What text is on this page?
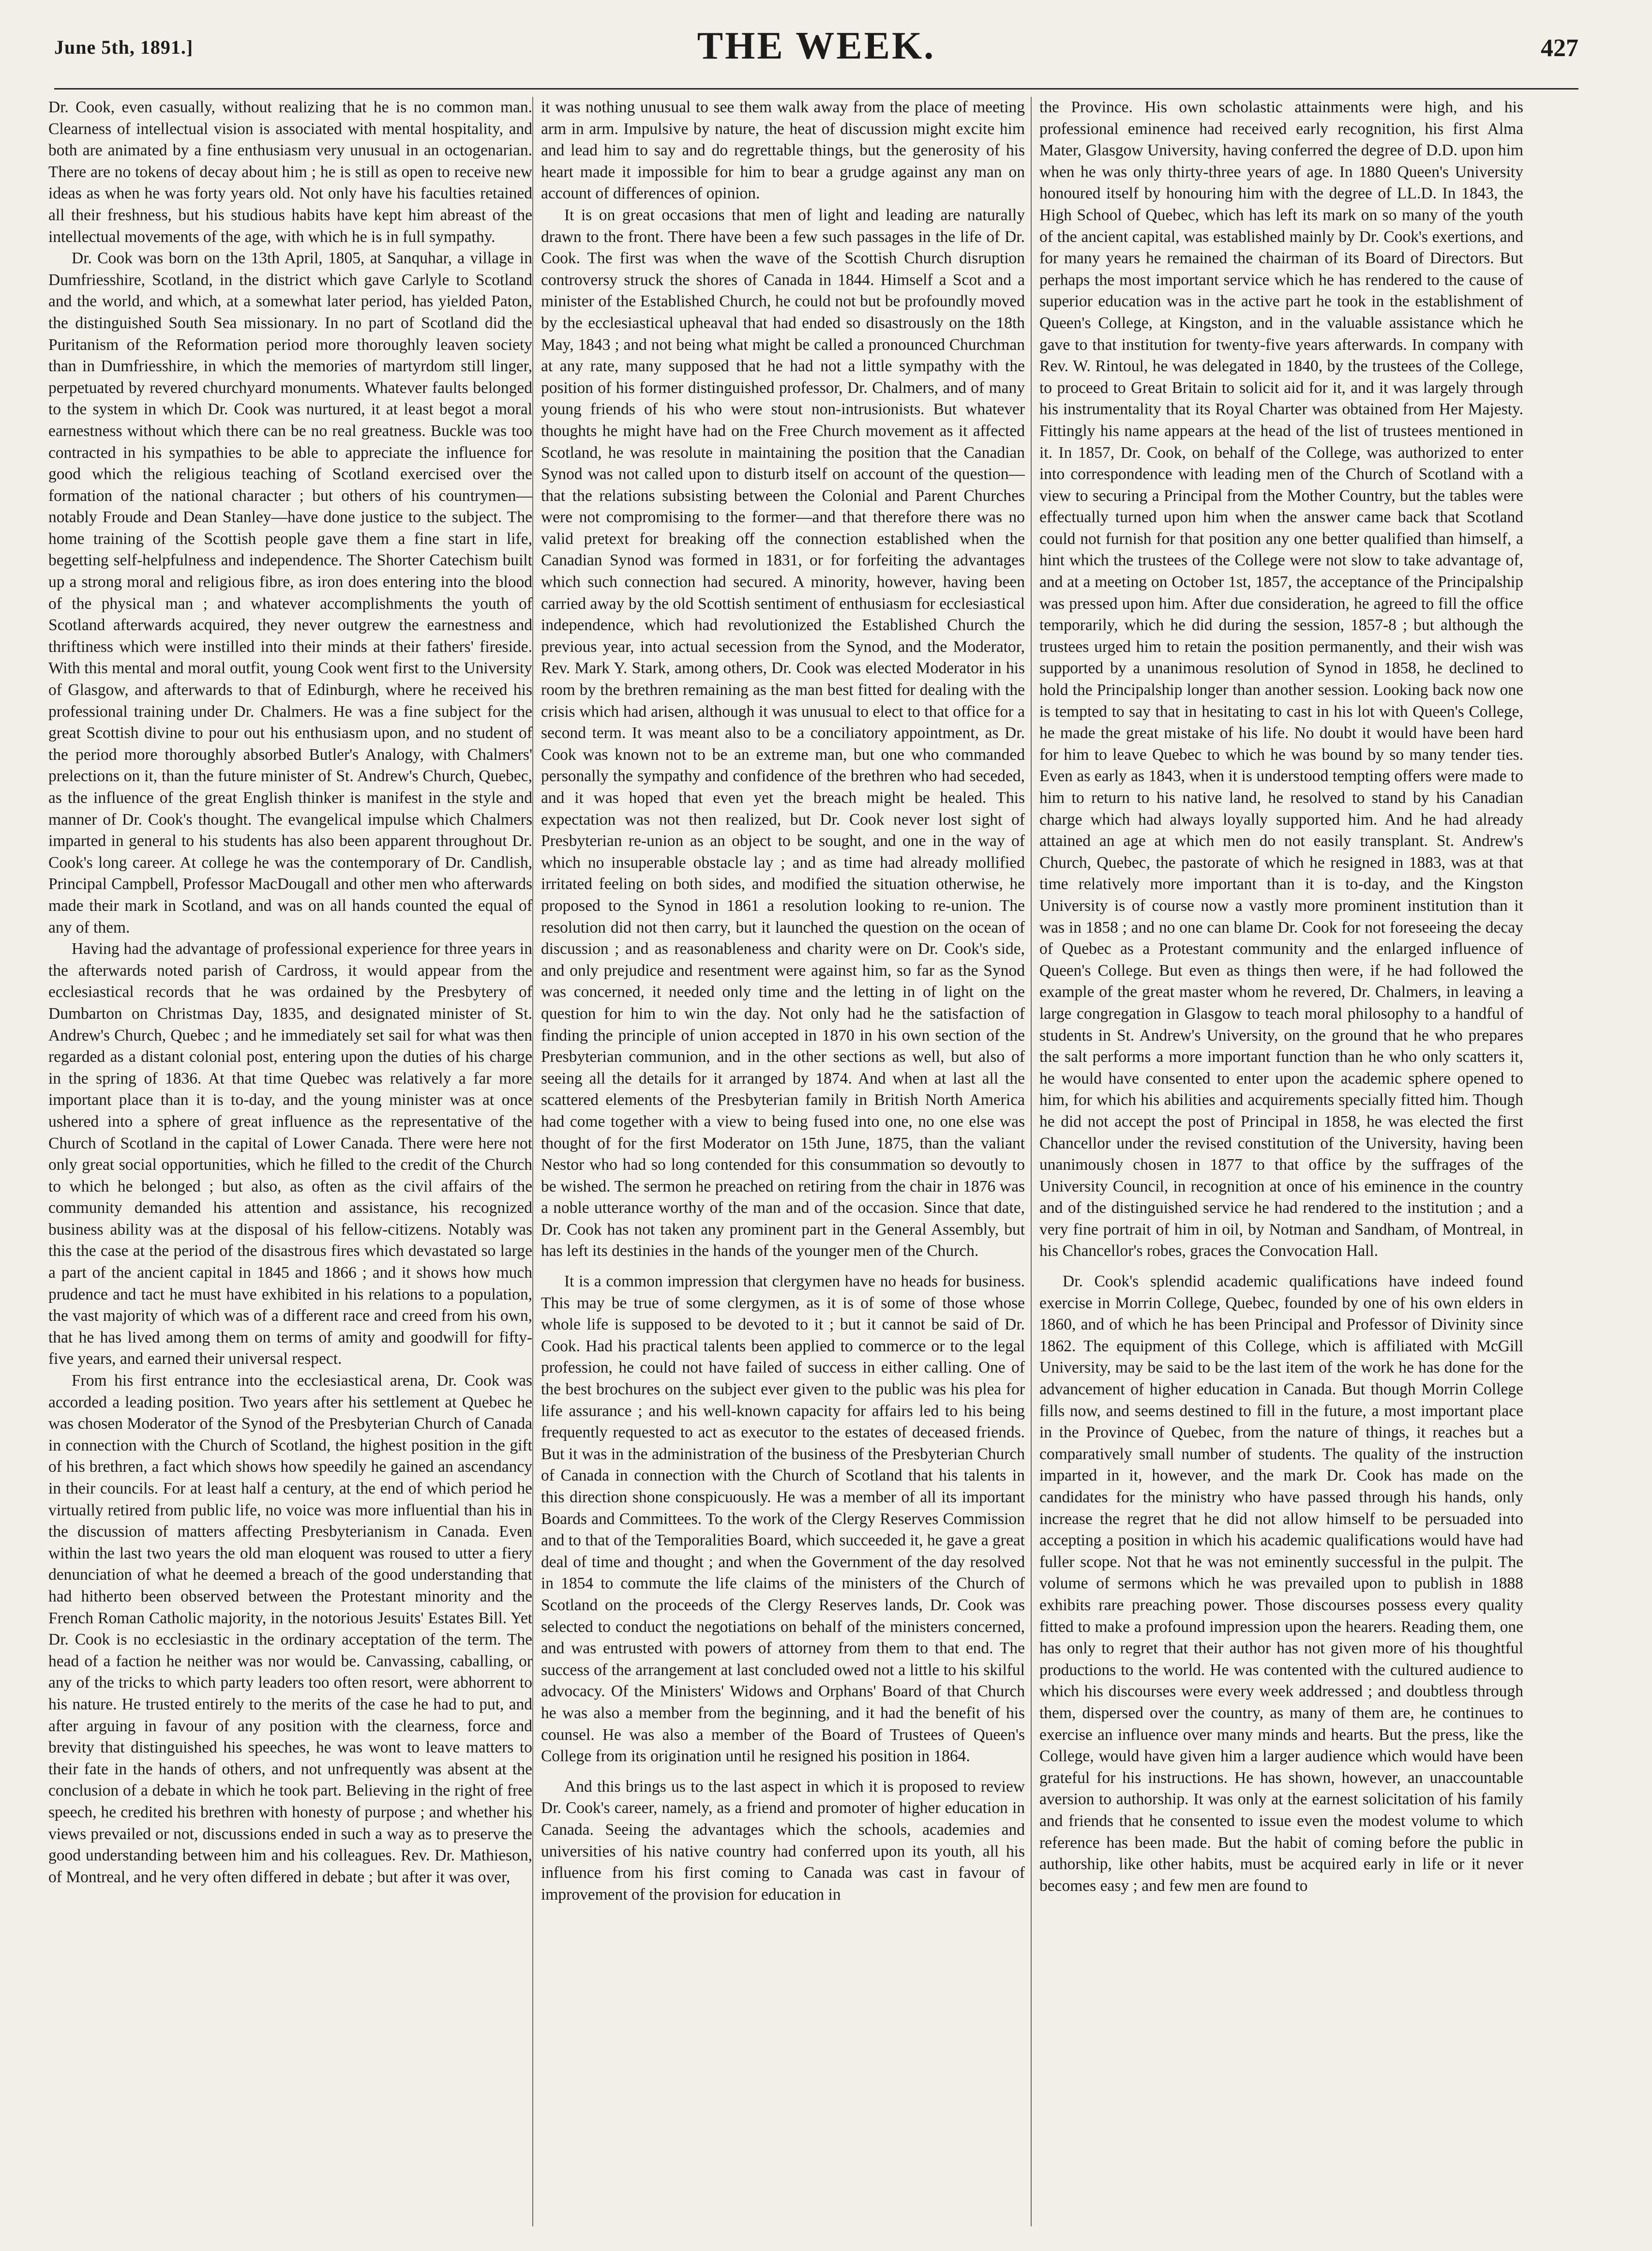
June 5th, 1891.]	THE WEEK.	427

Dr. Cook, even casually, without realizing that he is no common man. Clearness of intellectual vision is associated with mental hospitality, and both are animated by a fine enthusiasm very unusual in an octogenarian. There are no tokens of decay about him ; he is still as open to receive new ideas as when he was forty years old. Not only have his faculties retained all their freshness, but his studious habits have kept him abreast of the intellectual movements of the age, with which he is in full sympathy.

Dr. Cook was born on the 13th April, 1805, at Sanquhar, a village in Dumfriesshire, Scotland, in the district which gave Carlyle to Scotland and the world, and which, at a somewhat later period, has yielded Paton, the distinguished South Sea missionary. In no part of Scotland did the Puritanism of the Reformation period more thoroughly leaven society than in Dumfriesshire, in which the memories of martyrdom still linger, perpetuated by revered churchyard monuments. Whatever faults belonged to the system in which Dr. Cook was nurtured, it at least begot a moral earnestness without which there can be no real greatness. Buckle was too contracted in his sympathies to be able to appreciate the influence for good which the religious teaching of Scotland exercised over the formation of the national character ; but others of his countrymen—notably Froude and Dean Stanley—have done justice to the subject. The home training of the Scottish people gave them a fine start in life, begetting self-helpfulness and independence. The Shorter Catechism built up a strong moral and religious fibre, as iron does entering into the blood of the physical man ; and whatever accomplishments the youth of Scotland afterwards acquired, they never outgrew the earnestness and thriftiness which were instilled into their minds at their fathers' fireside. With this mental and moral outfit, young Cook went first to the University of Glasgow, and afterwards to that of Edinburgh, where he received his professional training under Dr. Chalmers. He was a fine subject for the great Scottish divine to pour out his enthusiasm upon, and no student of the period more thoroughly absorbed Butler's Analogy, with Chalmers' prelections on it, than the future minister of St. Andrew's Church, Quebec, as the influence of the great English thinker is manifest in the style and manner of Dr. Cook's thought. The evangelical impulse which Chalmers imparted in general to his students has also been apparent throughout Dr. Cook's long career. At college he was the contemporary of Dr. Candlish, Principal Campbell, Professor MacDougall and other men who afterwards made their mark in Scotland, and was on all hands counted the equal of any of them.

Having had the advantage of professional experience for three years in the afterwards noted parish of Cardross, it would appear from the ecclesiastical records that he was ordained by the Presbytery of Dumbarton on Christmas Day, 1835, and designated minister of St. Andrew's Church, Quebec ; and he immediately set sail for what was then regarded as a distant colonial post, entering upon the duties of his charge in the spring of 1836. At that time Quebec was relatively a far more important place than it is to-day, and the young minister was at once ushered into a sphere of great influence as the representative of the Church of Scotland in the capital of Lower Canada. There were here not only great social opportunities, which he filled to the credit of the Church to which he belonged ; but also, as often as the civil affairs of the community demanded his attention and assistance, his recognized business ability was at the disposal of his fellow-citizens. Notably was this the case at the period of the disastrous fires which devastated so large a part of the ancient capital in 1845 and 1866 ; and it shows how much prudence and tact he must have exhibited in his relations to a population, the vast majority of which was of a different race and creed from his own, that he has lived among them on terms of amity and goodwill for fifty-five years, and earned their universal respect.

From his first entrance into the ecclesiastical arena, Dr. Cook was accorded a leading position. Two years after his settlement at Quebec he was chosen Moderator of the Synod of the Presbyterian Church of Canada in connection with the Church of Scotland, the highest position in the gift of his brethren, a fact which shows how speedily he gained an ascendancy in their councils. For at least half a century, at the end of which period he virtually retired from public life, no voice was more influential than his in the discussion of matters affecting Presbyterianism in Canada. Even within the last two years the old man eloquent was roused to utter a fiery denunciation of what he deemed a breach of the good understanding that had hitherto been observed between the Protestant minority and the French Roman Catholic majority, in the notorious Jesuits' Estates Bill. Yet Dr. Cook is no ecclesiastic in the ordinary acceptation of the term. The head of a faction he neither was nor would be. Canvassing, caballing, or any of the tricks to which party leaders too often resort, were abhorrent to his nature. He trusted entirely to the merits of the case he had to put, and after arguing in favour of any position with the clearness, force and brevity that distinguished his speeches, he was wont to leave matters to their fate in the hands of others, and not unfrequently was absent at the conclusion of a debate in which he took part. Believing in the right of free speech, he credited his brethren with honesty of purpose ; and whether his views prevailed or not, discussions ended in such a way as to preserve the good understanding between him and his colleagues. Rev. Dr. Mathieson, of Montreal, and he very often differed in debate ; but after it was over,

it was nothing unusual to see them walk away from the place of meeting arm in arm. Impulsive by nature, the heat of discussion might excite him and lead him to say and do regrettable things, but the generosity of his heart made it impossible for him to bear a grudge against any man on account of differences of opinion.

It is on great occasions that men of light and leading are naturally drawn to the front. There have been a few such passages in the life of Dr. Cook. The first was when the wave of the Scottish Church disruption controversy struck the shores of Canada in 1844. Himself a Scot and a minister of the Established Church, he could not but be profoundly moved by the ecclesiastical upheaval that had ended so disastrously on the 18th May, 1843 ; and not being what might be called a pronounced Churchman at any rate, many supposed that he had not a little sympathy with the position of his former distinguished professor, Dr. Chalmers, and of many young friends of his who were stout non-intrusionists. But whatever thoughts he might have had on the Free Church movement as it affected Scotland, he was resolute in maintaining the position that the Canadian Synod was not called upon to disturb itself on account of the question—that the relations subsisting between the Colonial and Parent Churches were not compromising to the former—and that therefore there was no valid pretext for breaking off the connection established when the Canadian Synod was formed in 1831, or for forfeiting the advantages which such connection had secured. A minority, however, having been carried away by the old Scottish sentiment of enthusiasm for ecclesiastical independence, which had revolutionized the Established Church the previous year, into actual secession from the Synod, and the Moderator, Rev. Mark Y. Stark, among others, Dr. Cook was elected Moderator in his room by the brethren remaining as the man best fitted for dealing with the crisis which had arisen, although it was unusual to elect to that office for a second term. It was meant also to be a conciliatory appointment, as Dr. Cook was known not to be an extreme man, but one who commanded personally the sympathy and confidence of the brethren who had seceded, and it was hoped that even yet the breach might be healed. This expectation was not then realized, but Dr. Cook never lost sight of Presbyterian re-union as an object to be sought, and one in the way of which no insuperable obstacle lay ; and as time had already mollified irritated feeling on both sides, and modified the situation otherwise, he proposed to the Synod in 1861 a resolution looking to re-union. The resolution did not then carry, but it launched the question on the ocean of discussion ; and as reasonableness and charity were on Dr. Cook's side, and only prejudice and resentment were against him, so far as the Synod was concerned, it needed only time and the letting in of light on the question for him to win the day. Not only had he the satisfaction of finding the principle of union accepted in 1870 in his own section of the Presbyterian communion, and in the other sections as well, but also of seeing all the details for it arranged by 1874. And when at last all the scattered elements of the Presbyterian family in British North America had come together with a view to being fused into one, no one else was thought of for the first Moderator on 15th June, 1875, than the valiant Nestor who had so long contended for this consummation so devoutly to be wished. The sermon he preached on retiring from the chair in 1876 was a noble utterance worthy of the man and of the occasion. Since that date, Dr. Cook has not taken any prominent part in the General Assembly, but has left its destinies in the hands of the younger men of the Church.

It is a common impression that clergymen have no heads for business. This may be true of some clergymen, as it is of some of those whose whole life is supposed to be devoted to it ; but it cannot be said of Dr. Cook. Had his practical talents been applied to commerce or to the legal profession, he could not have failed of success in either calling. One of the best brochures on the subject ever given to the public was his plea for life assurance ; and his well-known capacity for affairs led to his being frequently requested to act as executor to the estates of deceased friends. But it was in the administration of the business of the Presbyterian Church of Canada in connection with the Church of Scotland that his talents in this direction shone conspicuously. He was a member of all its important Boards and Committees. To the work of the Clergy Reserves Commission and to that of the Temporalities Board, which succeeded it, he gave a great deal of time and thought ; and when the Government of the day resolved in 1854 to commute the life claims of the ministers of the Church of Scotland on the proceeds of the Clergy Reserves lands, Dr. Cook was selected to conduct the negotiations on behalf of the ministers concerned, and was entrusted with powers of attorney from them to that end. The success of the arrangement at last concluded owed not a little to his skilful advocacy. Of the Ministers' Widows and Orphans' Board of that Church he was also a member from the beginning, and it had the benefit of his counsel. He was also a member of the Board of Trustees of Queen's College from its origination until he resigned his position in 1864.

And this brings us to the last aspect in which it is proposed to review Dr. Cook's career, namely, as a friend and promoter of higher education in Canada. Seeing the advantages which the schools, academies and universities of his native country had conferred upon its youth, all his influence from his first coming to Canada was cast in favour of improvement of the provision for education in

the Province. His own scholastic attainments were high, and his professional eminence had received early recognition, his first Alma Mater, Glasgow University, having conferred the degree of D.D. upon him when he was only thirty-three years of age. In 1880 Queen's University honoured itself by honouring him with the degree of LL.D. In 1843, the High School of Quebec, which has left its mark on so many of the youth of the ancient capital, was established mainly by Dr. Cook's exertions, and for many years he remained the chairman of its Board of Directors. But perhaps the most important service which he has rendered to the cause of superior education was in the active part he took in the establishment of Queen's College, at Kingston, and in the valuable assistance which he gave to that institution for twenty-five years afterwards. In company with Rev. W. Rintoul, he was delegated in 1840, by the trustees of the College, to proceed to Great Britain to solicit aid for it, and it was largely through his instrumentality that its Royal Charter was obtained from Her Majesty. Fittingly his name appears at the head of the list of trustees mentioned in it. In 1857, Dr. Cook, on behalf of the College, was authorized to enter into correspondence with leading men of the Church of Scotland with a view to securing a Principal from the Mother Country, but the tables were effectually turned upon him when the answer came back that Scotland could not furnish for that position any one better qualified than himself, a hint which the trustees of the College were not slow to take advantage of, and at a meeting on October 1st, 1857, the acceptance of the Principalship was pressed upon him. After due consideration, he agreed to fill the office temporarily, which he did during the session, 1857-8 ; but although the trustees urged him to retain the position permanently, and their wish was supported by a unanimous resolution of Synod in 1858, he declined to hold the Principalship longer than another session. Looking back now one is tempted to say that in hesitating to cast in his lot with Queen's College, he made the great mistake of his life. No doubt it would have been hard for him to leave Quebec to which he was bound by so many tender ties. Even as early as 1843, when it is understood tempting offers were made to him to return to his native land, he resolved to stand by his Canadian charge which had always loyally supported him. And he had already attained an age at which men do not easily transplant. St. Andrew's Church, Quebec, the pastorate of which he resigned in 1883, was at that time relatively more important than it is to-day, and the Kingston University is of course now a vastly more prominent institution than it was in 1858 ; and no one can blame Dr. Cook for not foreseeing the decay of Quebec as a Protestant community and the enlarged influence of Queen's College. But even as things then were, if he had followed the example of the great master whom he revered, Dr. Chalmers, in leaving a large congregation in Glasgow to teach moral philosophy to a handful of students in St. Andrew's University, on the ground that he who prepares the salt performs a more important function than he who only scatters it, he would have consented to enter upon the academic sphere opened to him, for which his abilities and acquirements specially fitted him. Though he did not accept the post of Principal in 1858, he was elected the first Chancellor under the revised constitution of the University, having been unanimously chosen in 1877 to that office by the suffrages of the University Council, in recognition at once of his eminence in the country and of the distinguished service he had rendered to the institution ; and a very fine portrait of him in oil, by Notman and Sandham, of Montreal, in his Chancellor's robes, graces the Convocation Hall.

Dr. Cook's splendid academic qualifications have indeed found exercise in Morrin College, Quebec, founded by one of his own elders in 1860, and of which he has been Principal and Professor of Divinity since 1862. The equipment of this College, which is affiliated with McGill University, may be said to be the last item of the work he has done for the advancement of higher education in Canada. But though Morrin College fills now, and seems destined to fill in the future, a most important place in the Province of Quebec, from the nature of things, it reaches but a comparatively small number of students. The quality of the instruction imparted in it, however, and the mark Dr. Cook has made on the candidates for the ministry who have passed through his hands, only increase the regret that he did not allow himself to be persuaded into accepting a position in which his academic qualifications would have had fuller scope. Not that he was not eminently successful in the pulpit. The volume of sermons which he was prevailed upon to publish in 1888 exhibits rare preaching power. Those discourses possess every quality fitted to make a profound impression upon the hearers. Reading them, one has only to regret that their author has not given more of his thoughtful productions to the world. He was contented with the cultured audience to which his discourses were every week addressed ; and doubtless through them, dispersed over the country, as many of them are, he continues to exercise an influence over many minds and hearts. But the press, like the College, would have given him a larger audience which would have been grateful for his instructions. He has shown, however, an unaccountable aversion to authorship. It was only at the earnest solicitation of his family and friends that he consented to issue even the modest volume to which reference has been made. But the habit of coming before the public in authorship, like other habits, must be acquired early in life or it never becomes easy ; and few men are found to
